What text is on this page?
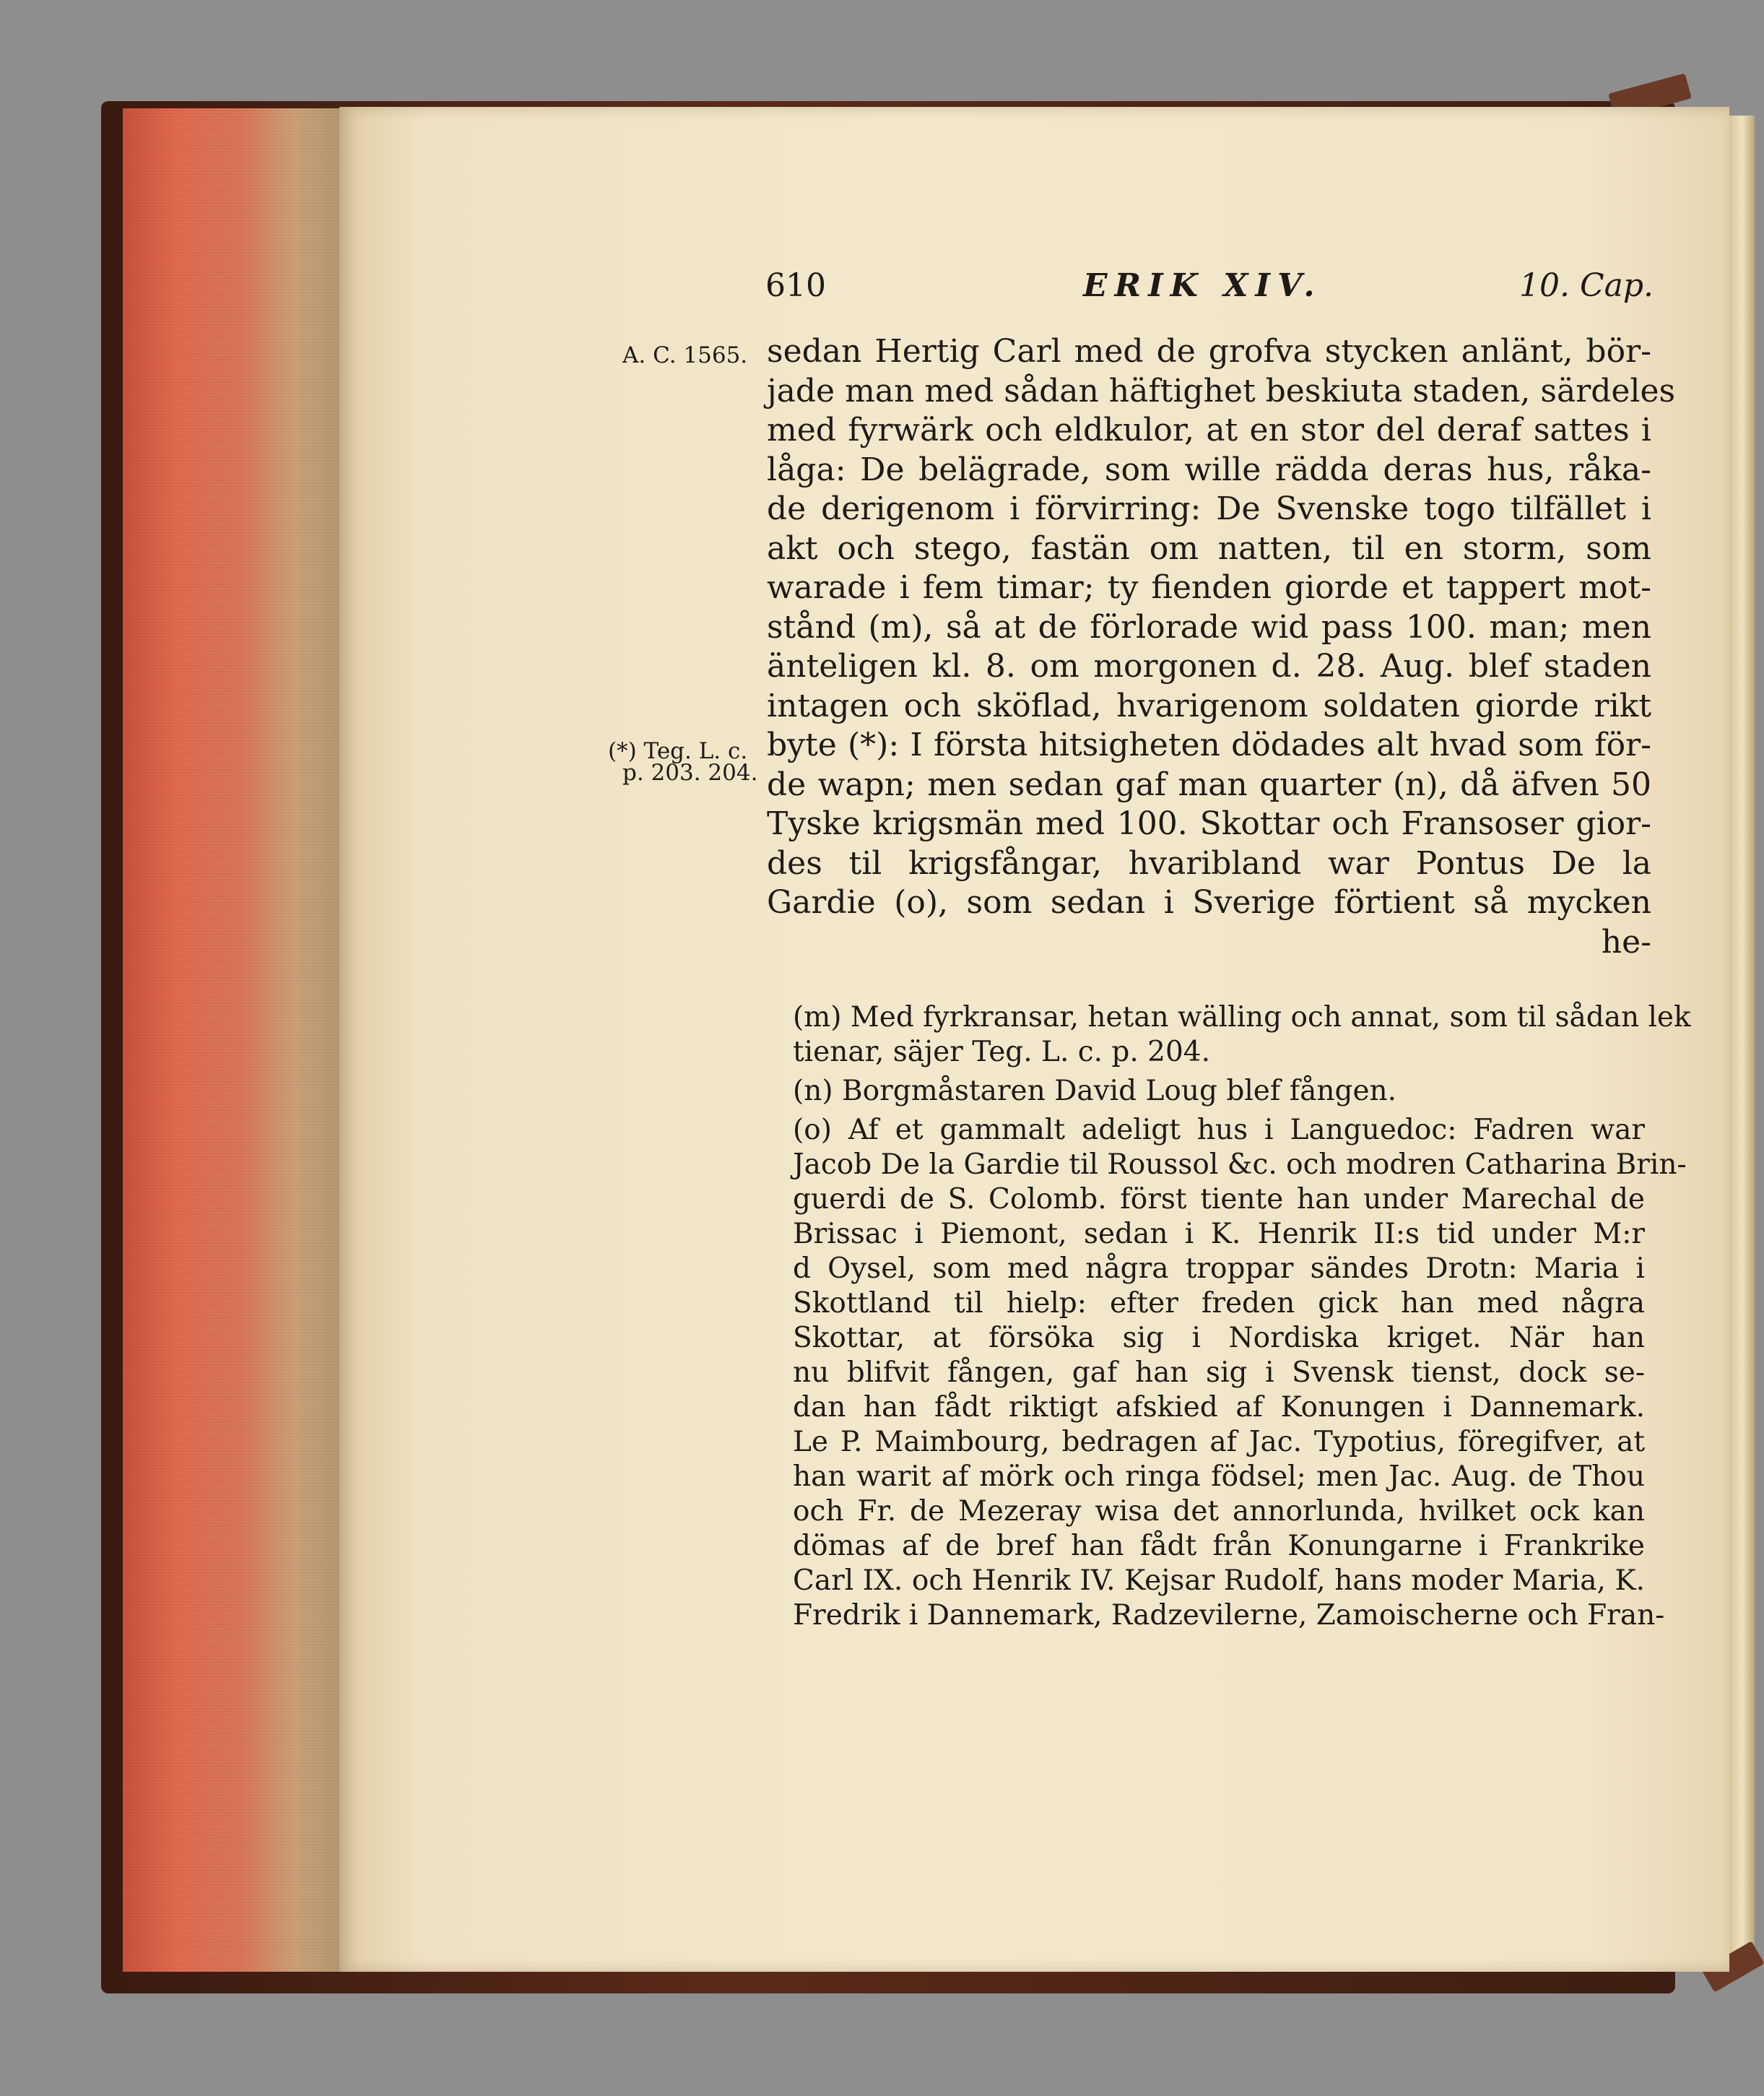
610	ERIK XIV.	10. Cap.
A. C. 1565.
(*) Teg. L. c.
p. 203. 204.
sedan Hertig Carl med de grofva stycken anlänt, bör-
jade man med sådan häftighet beskiuta staden, särdeles
med fyrwärk och eldkulor, at en stor del deraf sattes i
låga: De belägrade, som wille rädda deras hus, råka-
de derigenom i förvirring: De Svenske togo tilfället i
akt och stego, fastän om natten, til en storm, som
warade i fem timar; ty fienden giorde et tappert mot-
stånd (m), så at de förlorade wid pass 100. man; men
änteligen kl. 8. om morgonen d. 28. Aug. blef staden
intagen och sköflad, hvarigenom soldaten giorde rikt
byte (*): I första hitsigheten dödades alt hvad som för-
de wapn; men sedan gaf man quarter (n), då äfven 50
Tyske krigsmän med 100. Skottar och Fransoser gior-
des til krigsfångar, hvaribland war Pontus De la
Gardie (o), som sedan i Sverige förtient så mycken
he-
(m) Med fyrkransar, hetan wälling och annat, som til sådan lek
tienar, säjer Teg. L. c. p. 204.
(n) Borgmåstaren David Loug blef fången.
(o) Af et gammalt adeligt hus i Languedoc: Fadren war
Jacob De la Gardie til Roussol &c. och modren Catharina Brin-
guerdi de S. Colomb. först tiente han under Marechal de
Brissac i Piemont, sedan i K. Henrik II:s tid under M:r
d Oysel, som med några troppar sändes Drotn: Maria i
Skottland til hielp: efter freden gick han med några
Skottar, at försöka sig i Nordiska kriget. När han
nu blifvit fången, gaf han sig i Svensk tienst, dock se-
dan han fådt riktigt afskied af Konungen i Dannemark.
Le P. Maimbourg, bedragen af Jac. Typotius, föregifver, at
han warit af mörk och ringa födsel; men Jac. Aug. de Thou
och Fr. de Mezeray wisa det annorlunda, hvilket ock kan
dömas af de bref han fådt från Konungarne i Frankrike
Carl IX. och Henrik IV. Kejsar Rudolf, hans moder Maria, K.
Fredrik i Dannemark, Radzevilerne, Zamoischerne och Fran-
